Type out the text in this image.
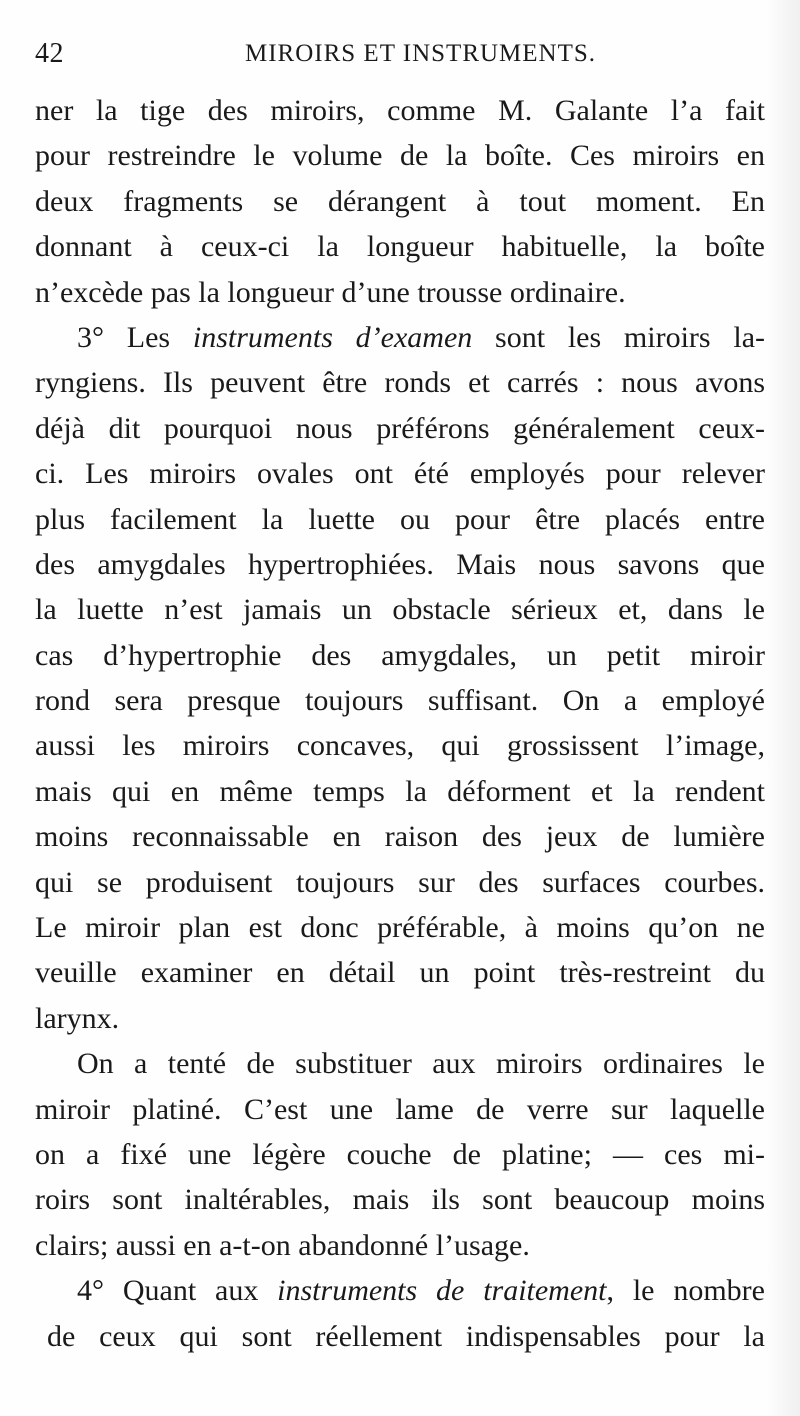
42	MIROIRS ET INSTRUMENTS.
ner la tige des miroirs, comme M. Galante l’a fait
pour restreindre le volume de la boîte. Ces miroirs en
deux fragments se dérangent à tout moment. En
donnant à ceux-ci la longueur habituelle, la boîte
n’excède pas la longueur d’une trousse ordinaire.
3° Les instruments d’examen sont les miroirs la-
ryngiens. Ils peuvent être ronds et carrés : nous avons
déjà dit pourquoi nous préférons généralement ceux-
ci. Les miroirs ovales ont été employés pour relever
plus facilement la luette ou pour être placés entre
des amygdales hypertrophiées. Mais nous savons que
la luette n’est jamais un obstacle sérieux et, dans le
cas d’hypertrophie des amygdales, un petit miroir
rond sera presque toujours suffisant. On a employé
aussi les miroirs concaves, qui grossissent l’image,
mais qui en même temps la déforment et la rendent
moins reconnaissable en raison des jeux de lumière
qui se produisent toujours sur des surfaces courbes.
Le miroir plan est donc préférable, à moins qu’on ne
veuille examiner en détail un point très-restreint du
larynx.
On a tenté de substituer aux miroirs ordinaires le
miroir platiné. C’est une lame de verre sur laquelle
on a fixé une légère couche de platine; — ces mi-
roirs sont inaltérables, mais ils sont beaucoup moins
clairs; aussi en a-t-on abandonné l’usage.
4° Quant aux instruments de traitement, le nombre
de ceux qui sont réellement indispensables pour la
